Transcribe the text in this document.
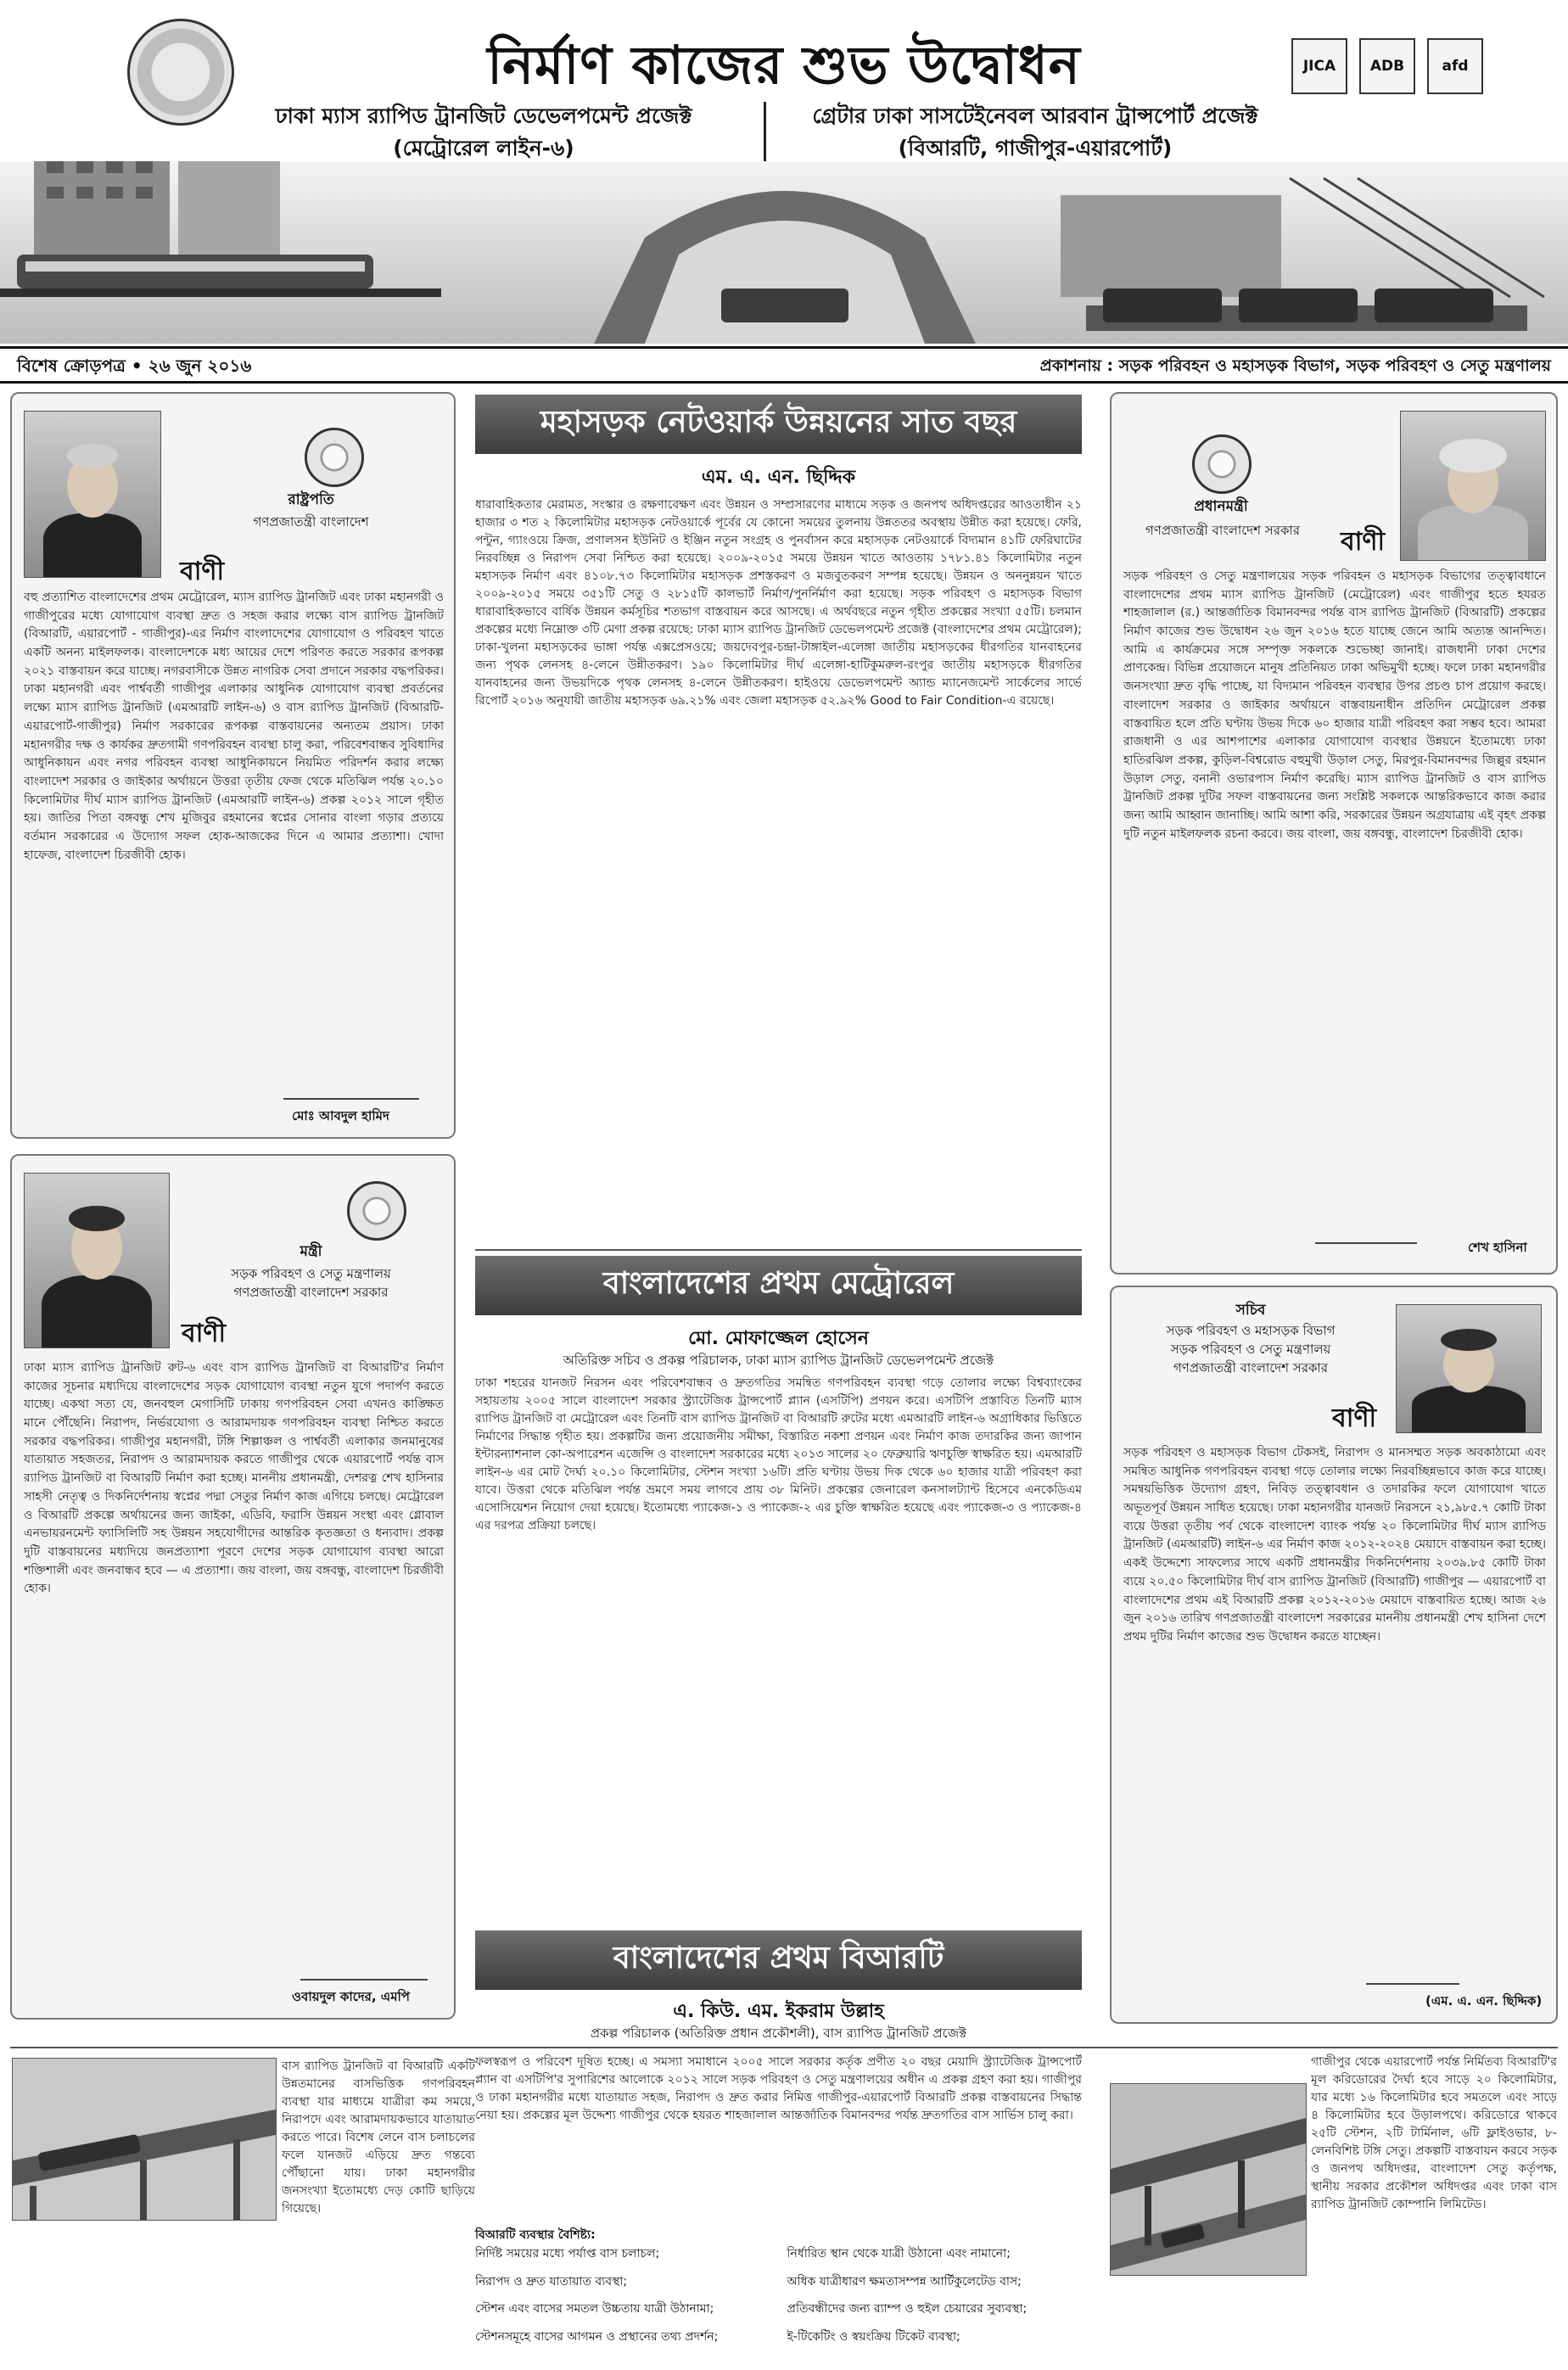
নির্মাণ কাজের শুভ উদ্বোধন	JICA	ADB	afd
ঢাকা ম্যাস র‍্যাপিড ট্রানজিট ডেভেলপমেন্ট প্রজেক্ট
(মেট্রোরেল লাইন-৬)
গ্রেটার ঢাকা সাসটেইনেবল আরবান ট্রান্সপোর্ট প্রজেক্ট
(বিআরটি, গাজীপুর-এয়ারপোর্ট)
বিশেষ ক্রোড়পত্র • ২৬ জুন ২০১৬	প্রকাশনায় : সড়ক পরিবহন ও মহাসড়ক বিভাগ, সড়ক পরিবহণ ও সেতু মন্ত্রণালয়
রাষ্ট্রপতি
গণপ্রজাতন্ত্রী বাংলাদেশ
বাণী
বহু প্রত্যাশিত বাংলাদেশের প্রথম মেট্রোরেল, ম্যাস র‍্যাপিড ট্রানজিট এবং ঢাকা মহানগরী ও গাজীপুরের মধ্যে যোগাযোগ ব্যবস্থা দ্রুত ও সহজ করার লক্ষ্যে বাস র‍্যাপিড ট্রানজিট (বিআরটি, এয়ারপোর্ট - গাজীপুর)-এর নির্মাণ বাংলাদেশের যোগাযোগ ও পরিবহণ খাতে একটি অনন্য মাইলফলক। বাংলাদেশকে মধ্য আয়ের দেশে পরিণত করতে সরকার রূপকল্প ২০২১ বাস্তবায়ন করে যাচ্ছে। নগরবাসীকে উন্নত নাগরিক সেবা প্রদানে সরকার বদ্ধপরিকর। ঢাকা মহানগরী এবং পার্শ্ববর্তী গাজীপুর এলাকার আধুনিক যোগাযোগ ব্যবস্থা প্রবর্তনের লক্ষ্যে ম্যাস র‍্যাপিড ট্রানজিট (এমআরটি লাইন-৬) ও বাস র‍্যাপিড ট্রানজিট (বিআরটি-এয়ারপোর্ট-গাজীপুর) নির্মাণ সরকারের রূপকল্প বাস্তবায়নের অন্যতম প্রয়াস। ঢাকা মহানগরীর দক্ষ ও কার্যকর দ্রুতগামী গণপরিবহন ব্যবস্থা চালু করা, পরিবেশবান্ধব সুবিধাদির আধুনিকায়ন এবং নগর পরিবহন ব্যবস্থা আধুনিকায়নে নিয়মিত পরিদর্শন করার লক্ষ্যে বাংলাদেশ সরকার ও জাইকার অর্থায়নে উত্তরা তৃতীয় ফেজ থেকে মতিঝিল পর্যন্ত ২০.১০ কিলোমিটার দীর্ঘ ম্যাস র‍্যাপিড ট্রানজিট (এমআরটি লাইন-৬) প্রকল্প ২০১২ সালে গৃহীত হয়। জাতির পিতা বঙ্গবন্ধু শেখ মুজিবুর রহমানের স্বপ্নের সোনার বাংলা গড়ার প্রত্যয়ে বর্তমান সরকারের এ উদ্যোগ সফল হোক-আজকের দিনে এ আমার প্রত্যাশা। খোদা হাফেজ, বাংলাদেশ চিরজীবী হোক।
মোঃ আবদুল হামিদ
মন্ত্রী
সড়ক পরিবহণ ও সেতু মন্ত্রণালয়
গণপ্রজাতন্ত্রী বাংলাদেশ সরকার
বাণী
ঢাকা ম্যাস র‍্যাপিড ট্রানজিট রুট-৬ এবং বাস র‍্যাপিড ট্রানজিট বা বিআরটি'র নির্মাণ কাজের সূচনার মধ্যদিয়ে বাংলাদেশের সড়ক যোগাযোগ ব্যবস্থা নতুন যুগে পদার্পণ করতে যাচ্ছে। একথা সত্য যে, জনবহুল মেগাসিটি ঢাকায় গণপরিবহন সেবা এখনও কাঙ্ক্ষিত মানে পৌঁছেনি। নিরাপদ, নির্ভরযোগ্য ও আরামদায়ক গণপরিবহন ব্যবস্থা নিশ্চিত করতে সরকার বদ্ধপরিকর। গাজীপুর মহানগরী, টঙ্গি শিল্পাঞ্চল ও পার্শ্ববর্তী এলাকার জনমানুষের যাতায়াত সহজতর, নিরাপদ ও আরামদায়ক করতে গাজীপুর থেকে এয়ারপোর্ট পর্যন্ত বাস র‍্যাপিড ট্রানজিট বা বিআরটি নির্মাণ করা হচ্ছে। মাননীয় প্রধানমন্ত্রী, দেশরত্ন শেখ হাসিনার সাহসী নেতৃত্ব ও দিকনির্দেশনায় স্বপ্নের পদ্মা সেতুর নির্মাণ কাজ এগিয়ে চলছে। মেট্রোরেল ও বিআরটি প্রকল্পে অর্থায়নের জন্য জাইকা, এডিবি, ফরাসি উন্নয়ন সংস্থা এবং গ্লোবাল এনভায়রনমেন্ট ফ্যাসিলিটি সহ উন্নয়ন সহযোগীদের আন্তরিক কৃতজ্ঞতা ও ধন্যবাদ। প্রকল্প দুটি বাস্তবায়নের মধ্যদিয়ে জনপ্রত্যাশা পূরণে দেশের সড়ক যোগাযোগ ব্যবস্থা আরো শক্তিশালী এবং জনবান্ধব হবে — এ প্রত্যাশা। জয় বাংলা, জয় বঙ্গবন্ধু, বাংলাদেশ চিরজীবী হোক।
ওবায়দুল কাদের, এমপি
মহাসড়ক নেটওয়ার্ক উন্নয়নের সাত বছর
এম. এ. এন. ছিদ্দিক
ধারাবাহিকতার মেরামত, সংস্কার ও রক্ষণাবেক্ষণ এবং উন্নয়ন ও সম্প্রসারণের মাধ্যমে সড়ক ও জনপথ অধিদপ্তরের আওতাধীন ২১ হাজার ৩ শত ২ কিলোমিটার মহাসড়ক নেটওয়ার্কে পূর্বের যে কোনো সময়ের তুলনায় উন্নততর অবস্থায় উন্নীত করা হয়েছে। ফেরি, পন্টুন, গ্যাংওয়ে ক্রিজ, প্রণালসন ইউনিট ও ইঞ্জিন নতুন সংগ্রহ ও পুনর্বাসন করে মহাসড়ক নেটওয়ার্কে বিদ্যমান ৪১টি ফেরিঘাটের নিরবচ্ছিন্ন ও নিরাপদ সেবা নিশ্চিত করা হয়েছে। ২০০৯-২০১৫ সময়ে উন্নয়ন খাতে আওতায় ১৭৮১.৪১ কিলোমিটার নতুন মহাসড়ক নির্মাণ এবং ৪১০৮.৭৩ কিলোমিটার মহাসড়ক প্রশস্তকরণ ও মজবুতকরণ সম্পন্ন হয়েছে। উন্নয়ন ও অননুন্নয়ন খাতে ২০০৯-২০১৫ সময়ে ৩৫১টি সেতু ও ২৮১৫টি কালভার্ট নির্মাণ/পুনর্নির্মাণ করা হয়েছে। সড়ক পরিবহণ ও মহাসড়ক বিভাগ ধারাবাহিকভাবে বার্ষিক উন্নয়ন কর্মসূচির শতভাগ বাস্তবায়ন করে আসছে। এ অর্থবছরে নতুন গৃহীত প্রকল্পের সংখ্যা ৫৫টি। চলমান প্রকল্পের মধ্যে নিম্নোক্ত ৩টি মেগা প্রকল্প রয়েছে: ঢাকা ম্যাস র‍্যাপিড ট্রানজিট ডেভেলপমেন্ট প্রজেক্ট (বাংলাদেশের প্রথম মেট্রোরেল); ঢাকা-খুলনা মহাসড়কের ভাঙ্গা পর্যন্ত এক্সপ্রেসওয়ে; জয়দেবপুর-চন্দ্রা-টাঙ্গাইল-এলেঙ্গা জাতীয় মহাসড়কের ধীরগতির যানবাহনের জন্য পৃথক লেনসহ ৪-লেনে উন্নীতকরণ। ১৯০ কিলোমিটার দীর্ঘ এলেঙ্গা-হাটিকুমরুল-রংপুর জাতীয় মহাসড়কে ধীরগতির যানবাহনের জন্য উভয়দিকে পৃথক লেনসহ ৪-লেনে উন্নীতকরণ। হাইওয়ে ডেভেলপমেন্ট অ্যান্ড ম্যানেজমেন্ট সার্কেলের সার্ভে রিপোর্ট ২০১৬ অনুযায়ী জাতীয় মহাসড়ক ৬৯.২১% এবং জেলা মহাসড়ক ৫২.৯২% Good to Fair Condition-এ রয়েছে।
বাংলাদেশের প্রথম মেট্রোরেল
মো. মোফাজ্জেল হোসেন
অতিরিক্ত সচিব ও প্রকল্প পরিচালক, ঢাকা ম্যাস র‍্যাপিড ট্রানজিট ডেভেলপমেন্ট প্রজেক্ট
ঢাকা শহরের যানজট নিরসন এবং পরিবেশবান্ধব ও দ্রুতগতির সমন্বিত গণপরিবহন ব্যবস্থা গড়ে তোলার লক্ষ্যে বিশ্বব্যাংকের সহায়তায় ২০০৫ সালে বাংলাদেশ সরকার স্ট্র্যাটেজিক ট্রান্সপোর্ট প্ল্যান (এসটিপি) প্রণয়ন করে। এসটিপি প্রস্তাবিত তিনটি ম্যাস র‍্যাপিড ট্রানজিট বা মেট্রোরেল এবং তিনটি বাস র‍্যাপিড ট্রানজিট বা বিআরটি রুটের মধ্যে এমআরটি লাইন-৬ অগ্রাধিকার ভিত্তিতে নির্মাণের সিদ্ধান্ত গৃহীত হয়। প্রকল্পটির জন্য প্রয়োজনীয় সমীক্ষা, বিস্তারিত নকশা প্রণয়ন এবং নির্মাণ কাজ তদারকির জন্য জাপান ইন্টারন্যাশনাল কো-অপারেশন এজেন্সি ও বাংলাদেশ সরকারের মধ্যে ২০১৩ সালের ২০ ফেব্রুয়ারি ঋণচুক্তি স্বাক্ষরিত হয়। এমআরটি লাইন-৬ এর মোট দৈর্ঘ্য ২০.১০ কিলোমিটার, স্টেশন সংখ্যা ১৬টি। প্রতি ঘণ্টায় উভয় দিক থেকে ৬০ হাজার যাত্রী পরিবহণ করা যাবে। উত্তরা থেকে মতিঝিল পর্যন্ত ভ্রমণে সময় লাগবে প্রায় ৩৮ মিনিট। প্রকল্পের জেনারেল কনসালট্যান্ট হিসেবে এনকেডিএম এসোসিয়েশন নিয়োগ দেয়া হয়েছে। ইতোমধ্যে প্যাকেজ-১ ও প্যাকেজ-২ এর চুক্তি স্বাক্ষরিত হয়েছে এবং প্যাকেজ-৩ ও প্যাকেজ-৪ এর দরপত্র প্রক্রিয়া চলছে।
বাংলাদেশের প্রথম বিআরটি
এ. কিউ. এম. ইকরাম উল্লাহ
প্রকল্প পরিচালক (অতিরিক্ত প্রধান প্রকৌশলী), বাস র‍্যাপিড ট্রানজিট প্রজেক্ট
প্রধানমন্ত্রী
গণপ্রজাতন্ত্রী বাংলাদেশ সরকার	বাণী
সড়ক পরিবহণ ও সেতু মন্ত্রণালয়ের সড়ক পরিবহন ও মহাসড়ক বিভাগের তত্ত্বাবধানে বাংলাদেশের প্রথম ম্যাস র‍্যাপিড ট্রানজিট (মেট্রোরেল) এবং গাজীপুর হতে হযরত শাহজালাল (র.) আন্তর্জাতিক বিমানবন্দর পর্যন্ত বাস র‍্যাপিড ট্রানজিট (বিআরটি) প্রকল্পের নির্মাণ কাজের শুভ উদ্বোধন ২৬ জুন ২০১৬ হতে যাচ্ছে জেনে আমি অত্যন্ত আনন্দিত। আমি এ কার্যক্রমের সঙ্গে সম্পৃক্ত সকলকে শুভেচ্ছা জানাই। রাজধানী ঢাকা দেশের প্রাণকেন্দ্র। বিভিন্ন প্রয়োজনে মানুষ প্রতিনিয়ত ঢাকা অভিমুখী হচ্ছে। ফলে ঢাকা মহানগরীর জনসংখ্যা দ্রুত বৃদ্ধি পাচ্ছে, যা বিদ্যমান পরিবহন ব্যবস্থার উপর প্রচণ্ড চাপ প্রয়োগ করছে। বাংলাদেশ সরকার ও জাইকার অর্থায়নে বাস্তবায়নাধীন প্রতিদিন মেট্রোরেল প্রকল্প বাস্তবায়িত হলে প্রতি ঘণ্টায় উভয় দিকে ৬০ হাজার যাত্রী পরিবহণ করা সম্ভব হবে। আমরা রাজধানী ও এর আশপাশের এলাকার যোগাযোগ ব্যবস্থার উন্নয়নে ইতোমধ্যে ঢাকা হাতিরঝিল প্রকল্প, কুড়িল-বিশ্বরোড বহুমুখী উড়াল সেতু, মিরপুর-বিমানবন্দর জিল্লুর রহমান উড়াল সেতু, বনানী ওভারপাস নির্মাণ করেছি। ম্যাস র‍্যাপিড ট্রানজিট ও বাস র‍্যাপিড ট্রানজিট প্রকল্প দুটির সফল বাস্তবায়নের জন্য সংশ্লিষ্ট সকলকে আন্তরিকভাবে কাজ করার জন্য আমি আহ্বান জানাচ্ছি। আমি আশা করি, সরকারের উন্নয়ন অগ্রযাত্রায় এই বৃহৎ প্রকল্প দুটি নতুন মাইলফলক রচনা করবে। জয় বাংলা, জয় বঙ্গবন্ধু, বাংলাদেশ চিরজীবী হোক।
শেখ হাসিনা
সচিব
সড়ক পরিবহণ ও মহাসড়ক বিভাগ
সড়ক পরিবহণ ও সেতু মন্ত্রণালয়
গণপ্রজাতন্ত্রী বাংলাদেশ সরকার
বাণী
সড়ক পরিবহণ ও মহাসড়ক বিভাগ টেকসই, নিরাপদ ও মানসম্মত সড়ক অবকাঠামো এবং সমন্বিত আধুনিক গণপরিবহন ব্যবস্থা গড়ে তোলার লক্ষ্যে নিরবচ্ছিন্নভাবে কাজ করে যাচ্ছে। সমন্বয়ভিত্তিক উদ্যোগ গ্রহণ, নিবিড় তত্ত্বাবধান ও তদারকির ফলে যোগাযোগ খাতে অভূতপূর্ব উন্নয়ন সাধিত হয়েছে। ঢাকা মহানগরীর যানজট নিরসনে ২১,৯৮৫.৭ কোটি টাকা ব্যয়ে উত্তরা তৃতীয় পর্ব থেকে বাংলাদেশ ব্যাংক পর্যন্ত ২০ কিলোমিটার দীর্ঘ ম্যাস র‍্যাপিড ট্রানজিট (এমআরটি) লাইন-৬ এর নির্মাণ কাজ ২০১২-২০২৪ মেয়াদে বাস্তবায়ন করা হচ্ছে। একই উদ্দেশ্যে সাফল্যের সাথে একটি প্রধানমন্ত্রীর দিকনির্দেশনায় ২০৩৯.৮৫ কোটি টাকা ব্যয়ে ২০.৫০ কিলোমিটার দীর্ঘ বাস র‍্যাপিড ট্রানজিট (বিআরটি) গাজীপুর — এয়ারপোর্ট বা বাংলাদেশের প্রথম এই বিআরটি প্রকল্প ২০১২-২০১৬ মেয়াদে বাস্তবায়িত হচ্ছে। আজ ২৬ জুন ২০১৬ তারিখ গণপ্রজাতন্ত্রী বাংলাদেশ সরকারের মাননীয় প্রধানমন্ত্রী শেখ হাসিনা দেশে প্রথম দুটির নির্মাণ কাজের শুভ উদ্বোধন করতে যাচ্ছেন।
(এম. এ. এন. ছিদ্দিক)
বাস র‍্যাপিড ট্রানজিট বা বিআরটি একটি উন্নতমানের বাসভিত্তিক গণপরিবহন ব্যবস্থা যার মাধ্যমে যাত্রীরা কম সময়ে, নিরাপদে এবং আরামদায়কভাবে যাতায়াত করতে পারে। বিশেষ লেনে বাস চলাচলের ফলে যানজট এড়িয়ে দ্রুত গন্তব্যে পৌঁছানো যায়। ঢাকা মহানগরীর জনসংখ্যা ইতোমধ্যে দেড় কোটি ছাড়িয়ে গিয়েছে।
ফলস্বরূপ ও পরিবেশ দূষিত হচ্ছে। এ সমস্যা সমাধানে ২০০৫ সালে সরকার কর্তৃক প্রণীত ২০ বছর মেয়াদি স্ট্র্যাটেজিক ট্রান্সপোর্ট প্ল্যান বা এসটিপি'র সুপারিশের আলোকে ২০১২ সালে সড়ক পরিবহণ ও সেতু মন্ত্রণালয়ের অধীন এ প্রকল্প গ্রহণ করা হয়। গাজীপুর ও ঢাকা মহানগরীর মধ্যে যাতায়াত সহজ, নিরাপদ ও দ্রুত করার নিমিত্ত গাজীপুর-এয়ারপোর্ট বিআরটি প্রকল্প বাস্তবায়নের সিদ্ধান্ত নেয়া হয়। প্রকল্পের মূল উদ্দেশ্য গাজীপুর থেকে হযরত শাহজালাল আন্তর্জাতিক বিমানবন্দর পর্যন্ত দ্রুতগতির বাস সার্ভিস চালু করা।
বিআরটি ব্যবস্থার বৈশিষ্ট্য:
নির্দিষ্ট সময়ের মধ্যে পর্যাপ্ত বাস চলাচল;	নির্ধারিত স্থান থেকে যাত্রী উঠানো এবং নামানো;
নিরাপদ ও দ্রুত যাতায়াত ব্যবস্থা;	অধিক যাত্রীধারণ ক্ষমতাসম্পন্ন আর্টিকুলেটেড বাস;
স্টেশন এবং বাসের সমতল উচ্চতায় যাত্রী উঠানামা;	প্রতিবন্ধীদের জন্য র‍্যাম্প ও হুইল চেয়ারের সুব্যবস্থা;
স্টেশনসমূহে বাসের আগমন ও প্রস্থানের তথ্য প্রদর্শন;	ই-টিকেটিং ও স্বয়ংক্রিয় টিকেট ব্যবস্থা;
গাজীপুর থেকে এয়ারপোর্ট পর্যন্ত নির্মিতব্য বিআরটি'র মূল করিডোরের দৈর্ঘ্য হবে সাড়ে ২০ কিলোমিটার, যার মধ্যে ১৬ কিলোমিটার হবে সমতলে এবং সাড়ে ৪ কিলোমিটার হবে উড়ালপথে। করিডোরে থাকবে ২৫টি স্টেশন, ২টি টার্মিনাল, ৬টি ফ্লাইওভার, ৮-লেনবিশিষ্ট টঙ্গি সেতু। প্রকল্পটি বাস্তবায়ন করবে সড়ক ও জনপথ অধিদপ্তর, বাংলাদেশ সেতু কর্তৃপক্ষ, স্থানীয় সরকার প্রকৌশল অধিদপ্তর এবং ঢাকা বাস র‍্যাপিড ট্রানজিট কোম্পানি লিমিটেড।
